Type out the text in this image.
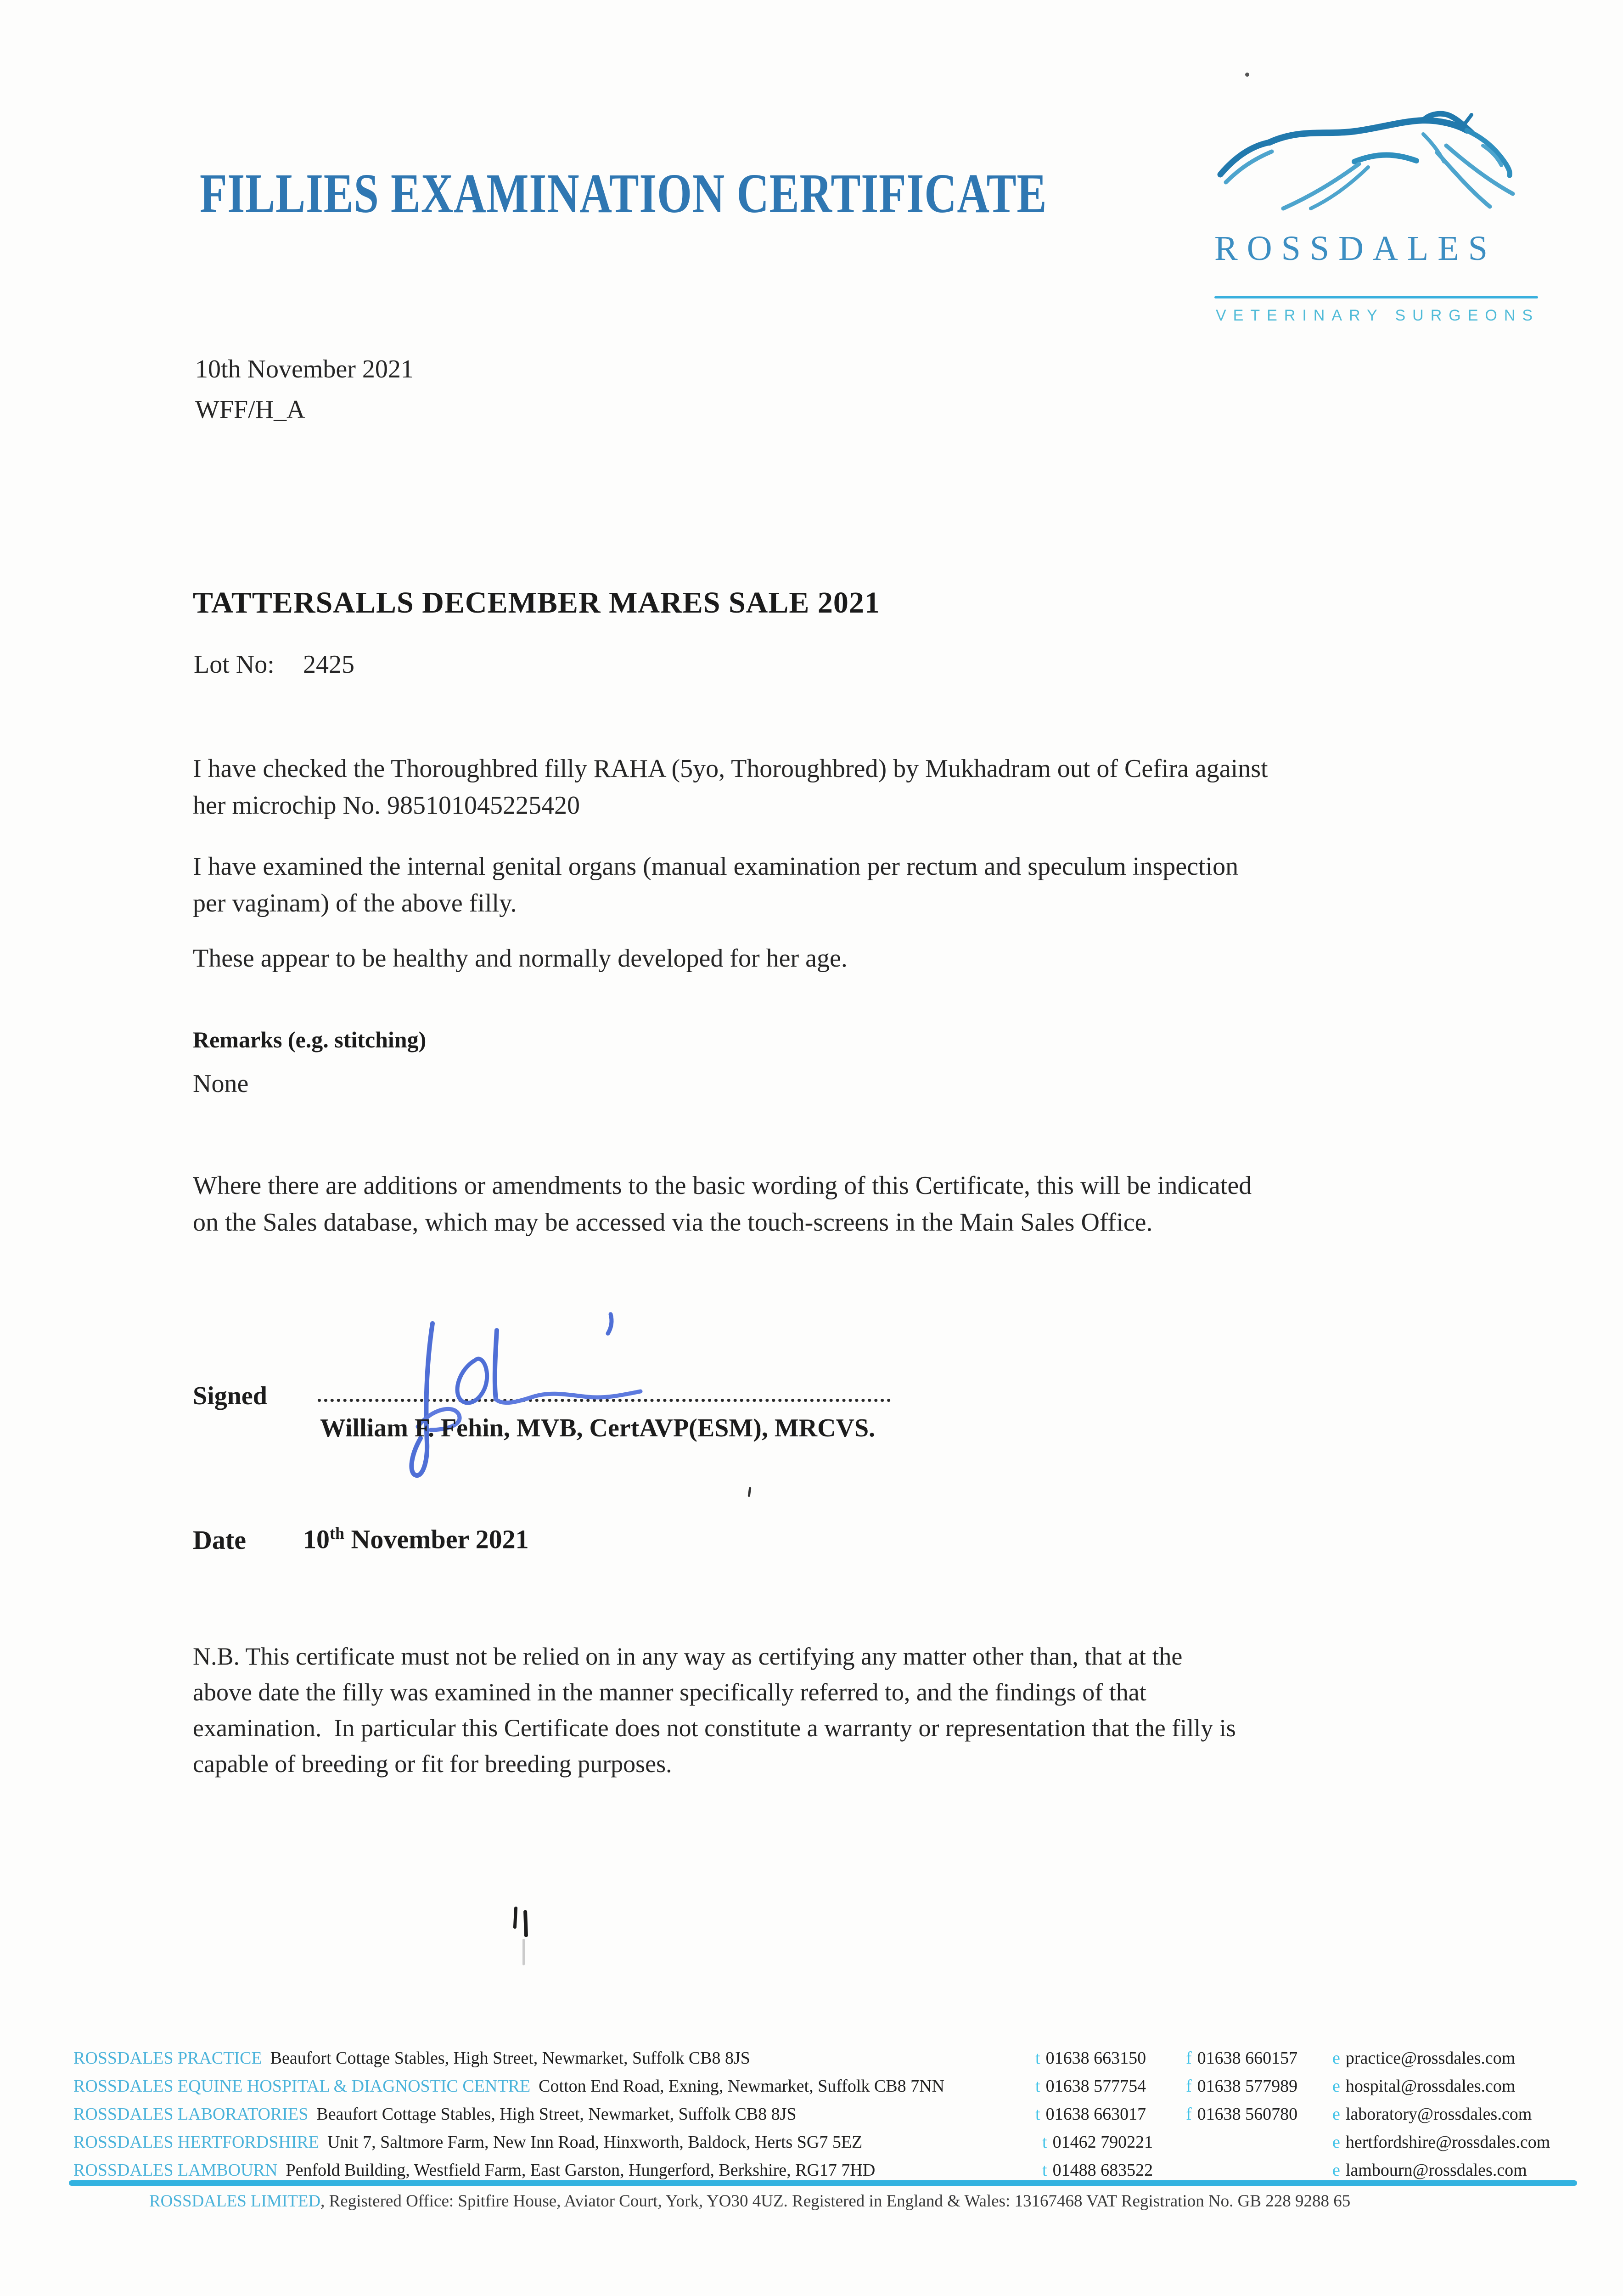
FILLIES EXAMINATION CERTIFICATE
ROSSDALES
VETERINARY SURGEONS
10th November 2021
WFF/H_A
TATTERSALLS DECEMBER MARES SALE 2021
Lot No: 2425
I have checked the Thoroughbred filly RAHA (5yo, Thoroughbred) by Mukhadram out of Cefira against
her microchip No. 985101045225420
I have examined the internal genital organs (manual examination per rectum and speculum inspection
per vaginam) of the above filly.
These appear to be healthy and normally developed for her age.
Remarks (e.g. stitching)
None
Where there are additions or amendments to the basic wording of this Certificate, this will be indicated
on the Sales database, which may be accessed via the touch-screens in the Main Sales Office.
Signed
William F. Fehin, MVB, CertAVP(ESM), MRCVS.
Date 10th November 2021
N.B. This certificate must not be relied on in any way as certifying any matter other than, that at the
above date the filly was examined in the manner specifically referred to, and the findings of that
examination.  In particular this Certificate does not constitute a warranty or representation that the filly is
capable of breeding or fit for breeding purposes.
ROSSDALES PRACTICE Beaufort Cottage Stables, High Street, Newmarket, Suffolk CB8 8JS	t 01638 663150 f 01638 660157 e practice@rossdales.com
ROSSDALES EQUINE HOSPITAL & DIAGNOSTIC CENTRE Cotton End Road, Exning, Newmarket, Suffolk CB8 7NN	t 01638 577754 f 01638 577989 e hospital@rossdales.com
ROSSDALES LABORATORIES Beaufort Cottage Stables, High Street, Newmarket, Suffolk CB8 8JS	t 01638 663017 f 01638 560780 e laboratory@rossdales.com
ROSSDALES HERTFORDSHIRE Unit 7, Saltmore Farm, New Inn Road, Hinxworth, Baldock, Herts SG7 5EZ	t 01462 790221	e hertfordshire@rossdales.com
ROSSDALES LAMBOURN Penfold Building, Westfield Farm, East Garston, Hungerford, Berkshire, RG17 7HD	t 01488 683522	e lambourn@rossdales.com
ROSSDALES LIMITED, Registered Office: Spitfire House, Aviator Court, York, YO30 4UZ. Registered in England & Wales: 13167468 VAT Registration No. GB 228 9288 65
